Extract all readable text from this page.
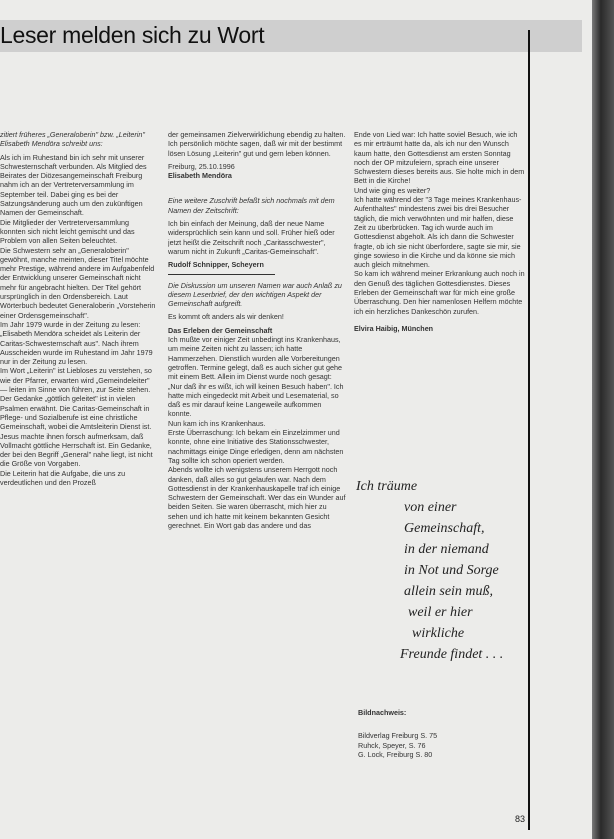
Leser melden sich zu Wort

zitiert früheres „Generaloberin" bzw. „Leiterin" Elisabeth Mendöra schreibt uns:

Als ich im Ruhestand bin ich sehr mit unserer Schwesternschaft verbunden. Als Mitglied des Beirates der Diözesangemeinschaft Freiburg nahm ich an der Vertreterversammlung im September teil. Dabei ging es bei der Satzungsänderung auch um den zukünftigen Namen der Gemeinschaft.
Die Mitglieder der Vertreterversammlung konnten sich nicht leicht gemischt und das Problem von allen Seiten beleuchtet.
Die Schwestern sehr an „Generaloberin" gewöhnt, manche meinten, dieser Titel möchte mehr Prestige, während andere im Aufgabenfeld der Entwicklung unserer Gemeinschaft nicht mehr für angebracht hielten. Der Titel gehört ursprünglich in den Ordensbereich. Laut Wörterbuch bedeutet Generaloberin „Vorsteherin einer Ordensgemeinschaft".
Im Jahr 1979 wurde in der Zeitung zu lesen: „Elisabeth Mendöra scheidet als Leiterin der Caritas-Schwesternschaft aus". Nach ihrem Ausscheiden wurde im Ruhestand im Jahr 1979 nur in der Zeitung zu lesen.
Im Wort „Leiterin" ist Liebloses zu verstehen, so wie der Pfarrer, erwarten wird „Gemeindeleiter" — leiten im Sinne von führen, zur Seite stehen. Der Gedanke „göttlich geleitet" ist in vielen Psalmen erwähnt. Die Caritas-Gemeinschaft in Pflege- und Sozialberufe ist eine christliche Gemeinschaft, wobei die Amtsleiterin Dienst ist. Jesus machte ihnen forsch aufmerksam, daß Vollmacht göttliche Herrschaft ist. Ein Gedanke, der bei den Begriff „General" nahe liegt, ist nicht die Größe von Vorgaben.
Die Leiterin hat die Aufgabe, die uns zu verdeutlichen und den Prozeß

der gemeinsamen Zielverwirklichung ebendig zu halten.
Ich persönlich möchte sagen, daß wir mit der bestimmt lösen Lösung „Leiterin" gut und gern leben können.

Freiburg, 25.10.1996

Elisabeth Mendöra

Eine weitere Zuschrift befaßt sich nochmals mit dem Namen der Zeitschrift:

Ich bin einfach der Meinung, daß der neue Name widersprüchlich sein kann und soll. Früher hieß oder jetzt heißt die Zeitschrift noch „Caritasschwester", warum nicht in Zukunft „Caritas-Gemeinschaft".

Rudolf Schnipper, Scheyern

Die Diskussion um unseren Namen war auch Anlaß zu diesem Leserbrief, der den wichtigen Aspekt der Gemeinschaft aufgreift.

Es kommt oft anders als wir denken!

Das Erleben der Gemeinschaft

Ich mußte vor einiger Zeit unbedingt ins Krankenhaus, um meine Zeiten nicht zu lassen; ich hatte Hammerzehen. Dienstlich wurden alle Vorbereitungen getroffen. Termine gelegt, daß es auch sicher gut gehe mit einem Bett. Allein im Dienst wurde noch gesagt: „Nur daß ihr es wißt, ich will keinen Besuch haben". Ich hatte mich eingedeckt mit Arbeit und Lesematerial, so daß es mir darauf keine Langeweile aufkommen konnte.
Nun kam ich ins Krankenhaus.
Erste Überraschung: Ich bekam ein Einzelzimmer und konnte, ohne eine Initiative des Stationsschwester, nachmittags einige Dinge erledigen, denn am nächsten Tag sollte ich schon operiert werden.
Abends wollte ich wenigstens unserem Herrgott noch danken, daß alles so gut gelaufen war. Nach dem Gottesdienst in der Krankenhauskapelle traf ich einige Schwestern der Gemeinschaft. Wer das ein Wunder auf beiden Seiten. Sie waren überrascht, mich hier zu sehen und ich hatte mit keinem bekannten Gesicht gerechnet. Ein Wort gab das andere und das

Ende von Lied war: Ich hatte soviel Besuch, wie ich es mir erträumt hatte da, als ich nur den Wunsch kaum hatte, den Gottesdienst am ersten Sonntag noch der OP mitzufeiern, sprach eine unserer Schwestern dieses bereits aus. Sie holte mich in dem Bett in die Kirche!
Und wie ging es weiter?
Ich hatte während der "3 Tage meines Krankenhaus-Aufenthaltes" mindestens zwei bis drei Besucher täglich, die mich verwöhnten und mir halfen, diese Zeit zu überbrücken. Tag ich wurde auch im Gottesdienst abgeholt. Als ich dann die Schwester fragte, ob ich sie nicht überfordere, sagte sie mir, sie ginge sowieso in die Kirche und da könne sie mich auch gleich mitnehmen.
So kam ich während meiner Erkrankung auch noch in den Genuß des täglichen Gottesdienstes. Dieses Erleben der Gemeinschaft war für mich eine große Überraschung. Den hier namenlosen Helfern möchte ich ein herzliches Dankeschön zurufen.

Elvira Haibig, München

Ich träume
von einer
Gemeinschaft,
in der niemand
in Not und Sorge
allein sein muß,
weil er hier
wirkliche
Freunde findet . . .
Bildnachweis:
Bildverlag Freiburg S. 75
Ruhck, Speyer, S. 76
G. Lock, Freiburg S. 80
83
